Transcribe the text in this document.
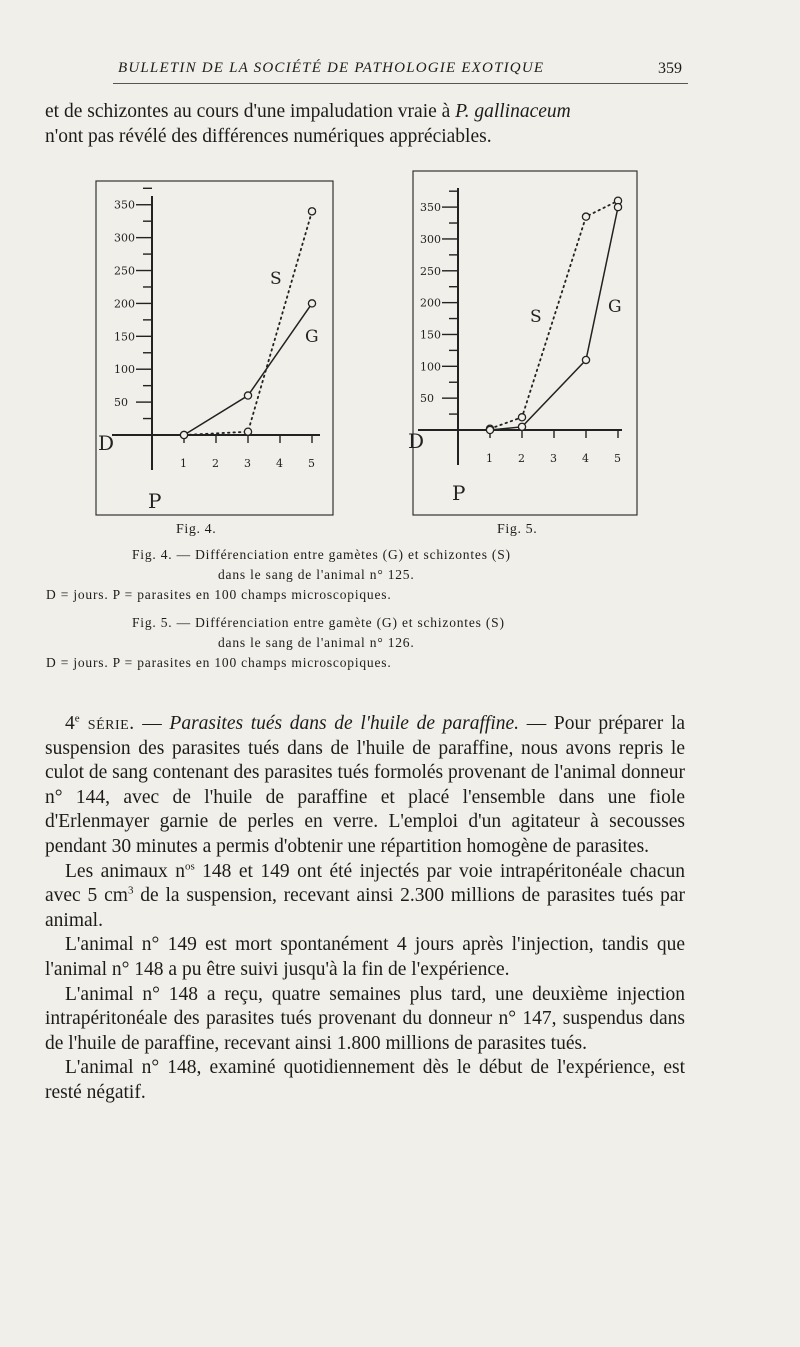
BULLETIN DE LA SOCIÉTÉ DE PATHOLOGIE EXOTIQUE	359

et de schizontes au cours d'une impaludation vraie à P. gallinaceum
n'ont pas révélé des différences numériques appréciables.

350
300
250
200
150
100
50
1 2 3 4 5
D
P
S
G
350
300
250
200
150
100
50
1 2 3 4 5
D
P
S	G
Fig. 4.	Fig. 5.
Fig. 4. — Différenciation entre gamètes (G) et schizontes (S)
dans le sang de l'animal n° 125.
D = jours. P = parasites en 100 champs microscopiques.
Fig. 5. — Différenciation entre gamète (G) et schizontes (S)
dans le sang de l'animal n° 126.
D = jours. P = parasites en 100 champs microscopiques.

4e série. — Parasites tués dans de l'huile de paraffine. — Pour préparer la suspension des parasites tués dans de l'huile de paraffine, nous avons repris le culot de sang contenant des parasites tués formolés provenant de l'animal donneur n° 144, avec de l'huile de paraffine et placé l'ensemble dans une fiole d'Erlenmayer garnie de perles en verre. L'emploi d'un agitateur à secousses pendant 30 minutes a permis d'obtenir une répartition homogène de parasites.

Les animaux $n^{os}$ 148 et 149 ont été injectés par voie intrapéritonéale chacun avec 5 $cm^3$ de la suspension, recevant ainsi 2.300 millions de parasites tués par animal.

L'animal n° 149 est mort spontanément 4 jours après l'injection, tandis que l'animal n° 148 a pu être suivi jusqu'à la fin de l'expérience.

L'animal n° 148 a reçu, quatre semaines plus tard, une deuxième injection intrapéritonéale des parasites tués provenant du donneur n° 147, suspendus dans de l'huile de paraffine, recevant ainsi 1.800 millions de parasites tués.

L'animal n° 148, examiné quotidiennement dès le début de l'expérience, est resté négatif.
